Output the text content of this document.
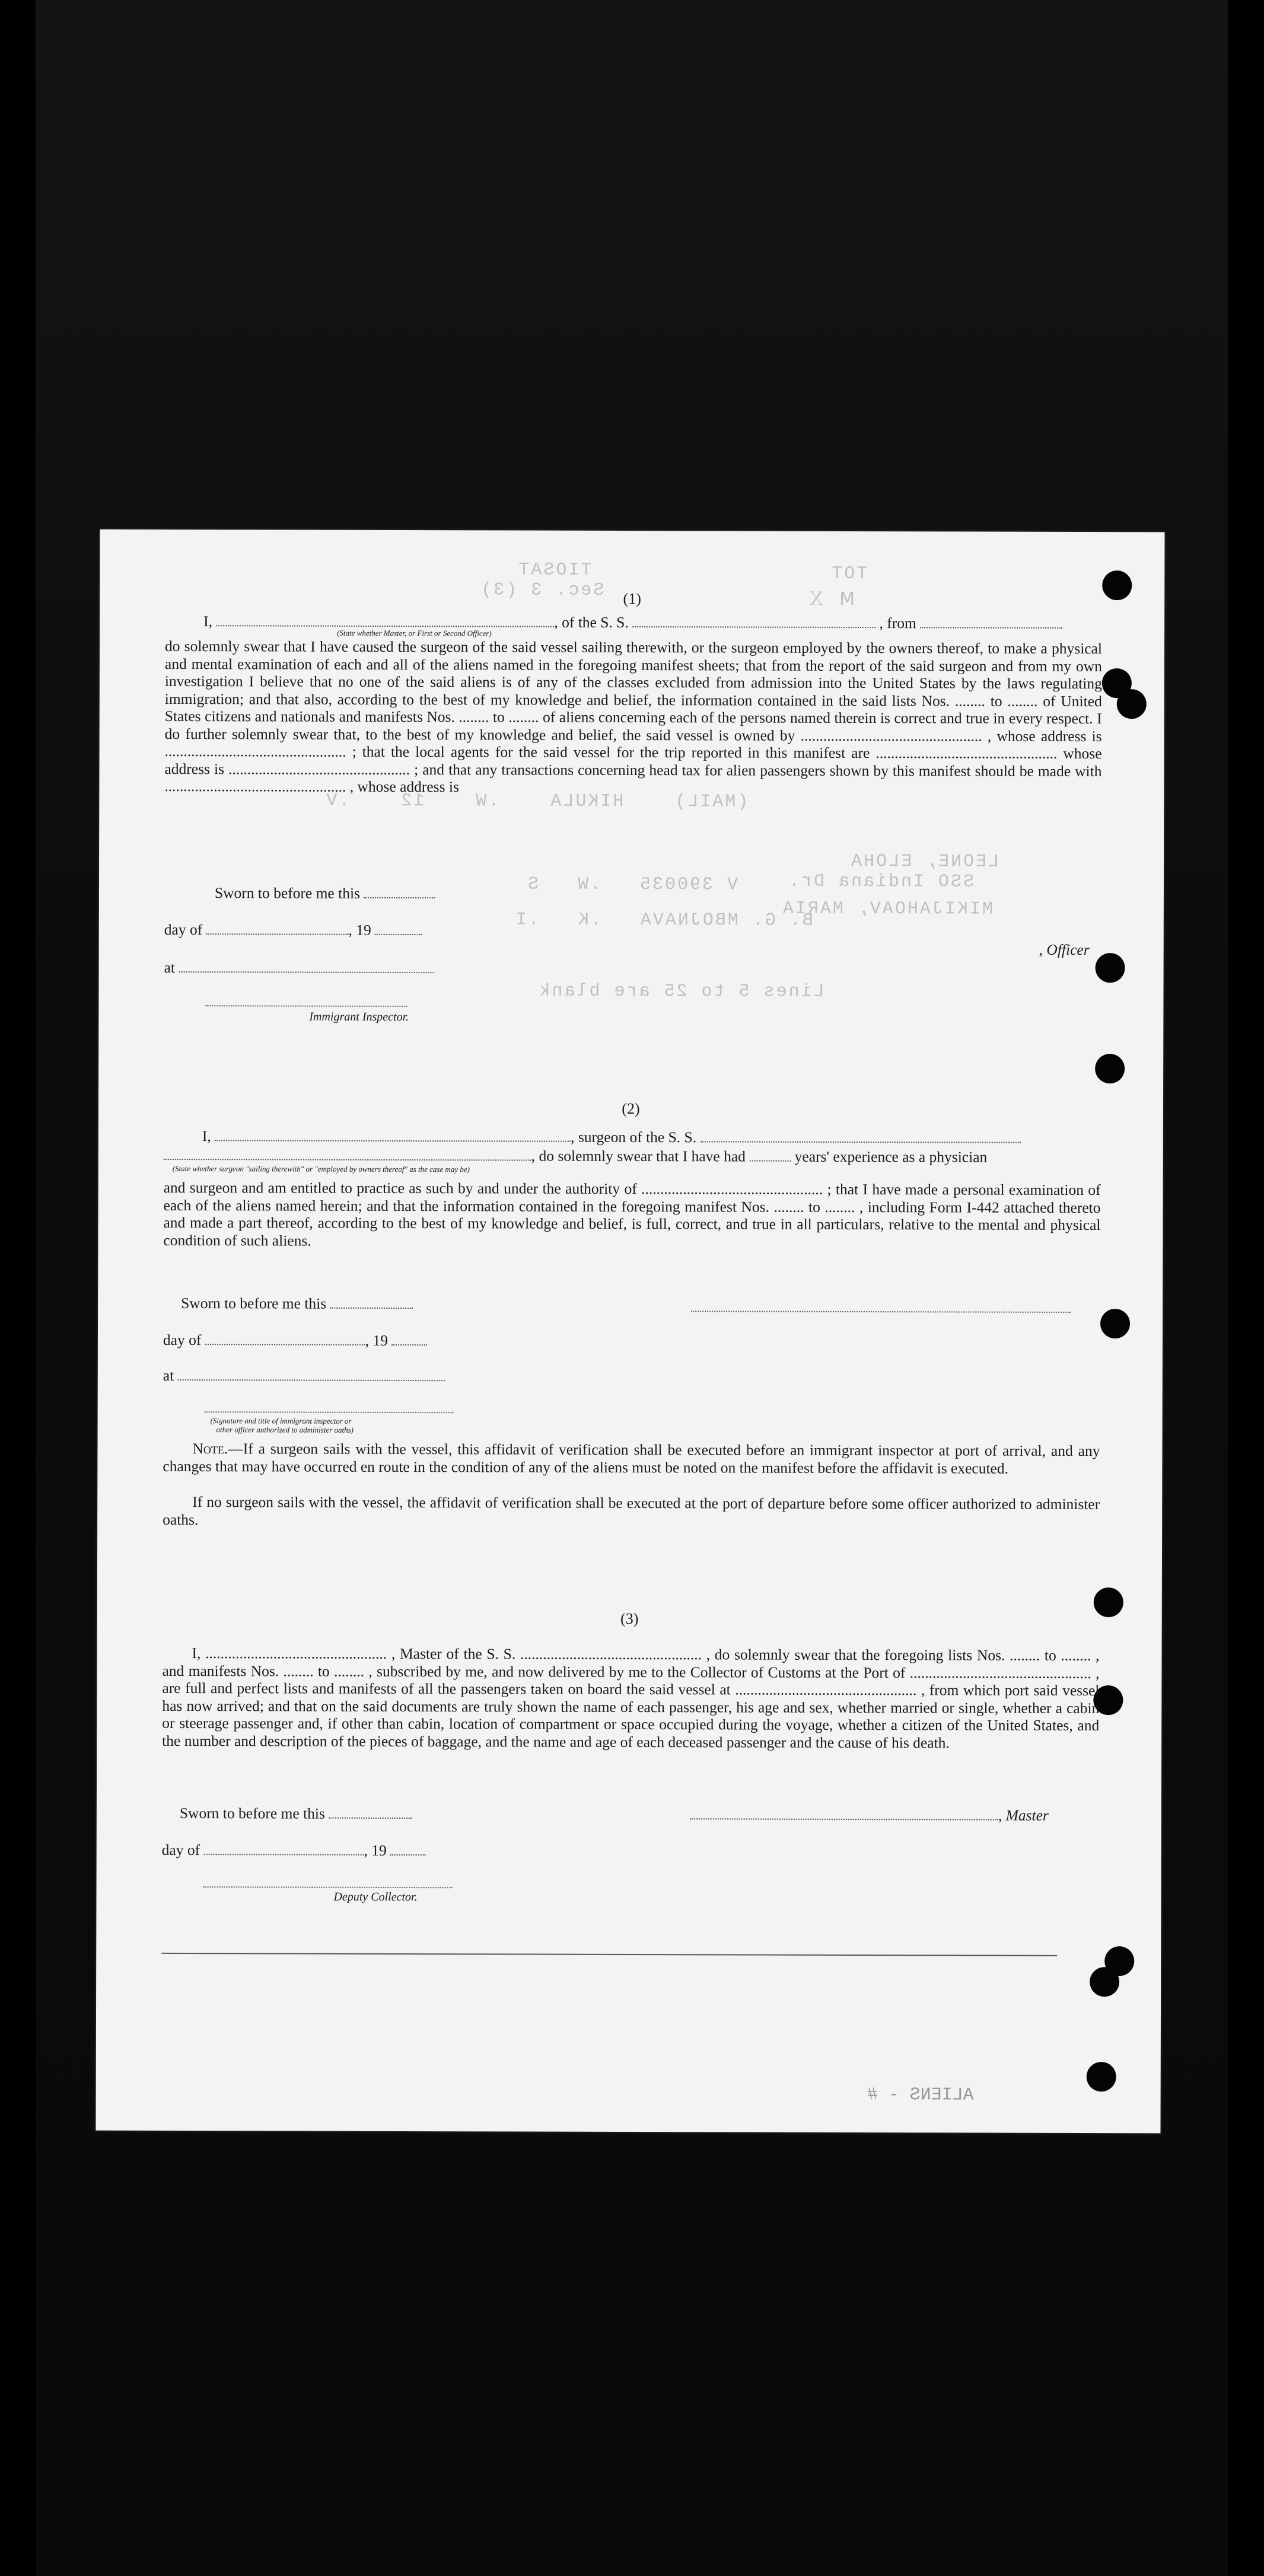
TIOSAT
Sec. 3 (3)
ТОТ
Ⅿ Ｘ
(MAIL)    HIKULA    .W    12    .V
LEONE, ELOHA
SSO Indiana Dr.
MIKIJAHOAV, MARIA
V 390035   .W   S
B. G. MBOJNAVA   .K   .I
Lines 5 to 25 are blank
(1)
I,	, of the S. S.	, from
(State whether Master, or First or Second Officer)
do solemnly swear that I have caused the surgeon of the said vessel sailing therewith, or the surgeon employed by the owners thereof, to make a physical and mental examination of each and all of the aliens named in the foregoing manifest sheets; that from the report of the said surgeon and from my own investigation I believe that no one of the said aliens is of any of the classes excluded from admission into the United States by the laws regulating immigration; and that also, according to the best of my knowledge and belief, the information contained in the said lists Nos. ........ to ........ of United States citizens and nationals and manifests Nos. ........ to ........ of aliens concerning each of the persons named therein is correct and true in every respect. I do further solemnly swear that, to the best of my knowledge and belief, the said vessel is owned by ................................................ , whose address is ................................................ ; that the local agents for the said vessel for the trip reported in this manifest are ................................................ whose address is ................................................ ; and that any transactions concerning head tax for alien passengers shown by this manifest should be made with ................................................ , whose address is
Sworn to before me this
day of	, 19
, Officer
at
Immigrant Inspector.
(2)
I,	, surgeon of the S. S.
, do solemnly swear that I have had	years' experience as a physician
(State whether surgeon "sailing therewith" or "employed by owners thereof" as the case may be)
and surgeon and am entitled to practice as such by and under the authority of ................................................ ; that I have made a personal examination of each of the aliens named herein; and that the information contained in the foregoing manifest Nos. ........ to ........ , including Form I-442 attached thereto and made a part thereof, according to the best of my knowledge and belief, is full, correct, and true in all particulars, relative to the mental and physical condition of such aliens.
Sworn to before me this
day of	, 19
at
(Signature and title of immigrant inspector or
other officer authorized to administer oaths)
Note.—If a surgeon sails with the vessel, this affidavit of verification shall be executed before an immigrant inspector at port of arrival, and any changes that may have occurred en route in the condition of any of the aliens must be noted on the manifest before the affidavit is executed.
If no surgeon sails with the vessel, the affidavit of verification shall be executed at the port of departure before some officer authorized to administer oaths.
(3)
I, ................................................ , Master of the S. S. ................................................ , do solemnly swear that the foregoing lists Nos. ........ to ........ , and manifests Nos. ........ to ........ , subscribed by me, and now delivered by me to the Collector of Customs at the Port of ................................................ , are full and perfect lists and manifests of all the passengers taken on board the said vessel at ................................................ , from which port said vessel has now arrived; and that on the said documents are truly shown the name of each passenger, his age and sex, whether married or single, whether a cabin or steerage passenger and, if other than cabin, location of compartment or space occupied during the voyage, whether a citizen of the United States, and the number and description of the pieces of baggage, and the name and age of each deceased passenger and the cause of his death.
Sworn to before me this	, Master
day of	, 19
Deputy Collector.
ALIENS - #
